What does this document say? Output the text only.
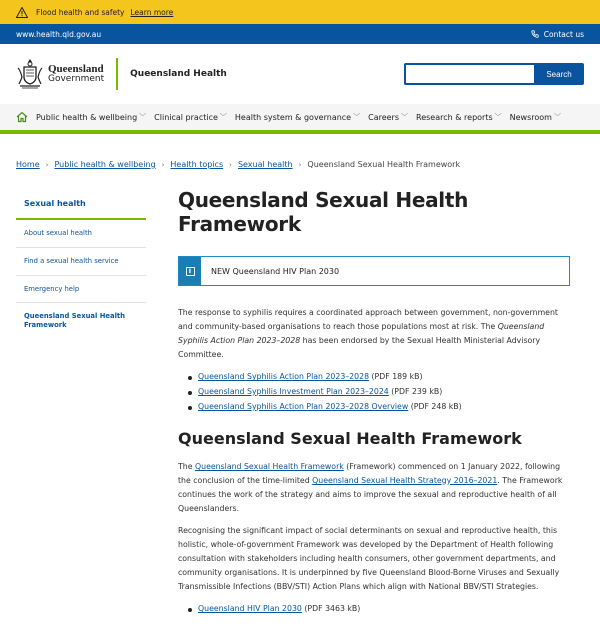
Flood health and safety Learn more
www.health.qld.gov.au	Contact us
Queensland
Government
Queensland Health	Search
Public health & wellbeing ﹀ Clinical practice ﹀ Health system & governance ﹀ Careers ﹀ Research & reports ﹀ Newsroom ﹀
Home › Public health & wellbeing › Health topics › Sexual health › Queensland Sexual Health Framework
Sexual health
About sexual health
Find a sexual health service
Emergency help
Queensland Sexual Health Framework
Queensland Sexual Health Framework
i	NEW Queensland HIV Plan 2030

The response to syphilis requires a coordinated approach between government, non-government and community-based organisations to reach those populations most at risk. The Queensland Syphilis Action Plan 2023–2028 has been endorsed by the Sexual Health Ministerial Advisory Committee.

Queensland Syphilis Action Plan 2023–2028 (PDF 189 kB)
Queensland Syphilis Investment Plan 2023–2024 (PDF 239 kB)
Queensland Syphilis Action Plan 2023–2028 Overview (PDF 248 kB)
Queensland Sexual Health Framework

The Queensland Sexual Health Framework (Framework) commenced on 1 January 2022, following the conclusion of the time-limited Queensland Sexual Health Strategy 2016–2021. The Framework continues the work of the strategy and aims to improve the sexual and reproductive health of all Queenslanders.

Recognising the significant impact of social determinants on sexual and reproductive health, this holistic, whole-of-government Framework was developed by the Department of Health following consultation with stakeholders including health consumers, other government departments, and community organisations. It is underpinned by five Queensland Blood-Borne Viruses and Sexually Transmissible Infections (BBV/STI) Action Plans which align with National BBV/STI Strategies.

Queensland HIV Plan 2030 (PDF 3463 kB)
